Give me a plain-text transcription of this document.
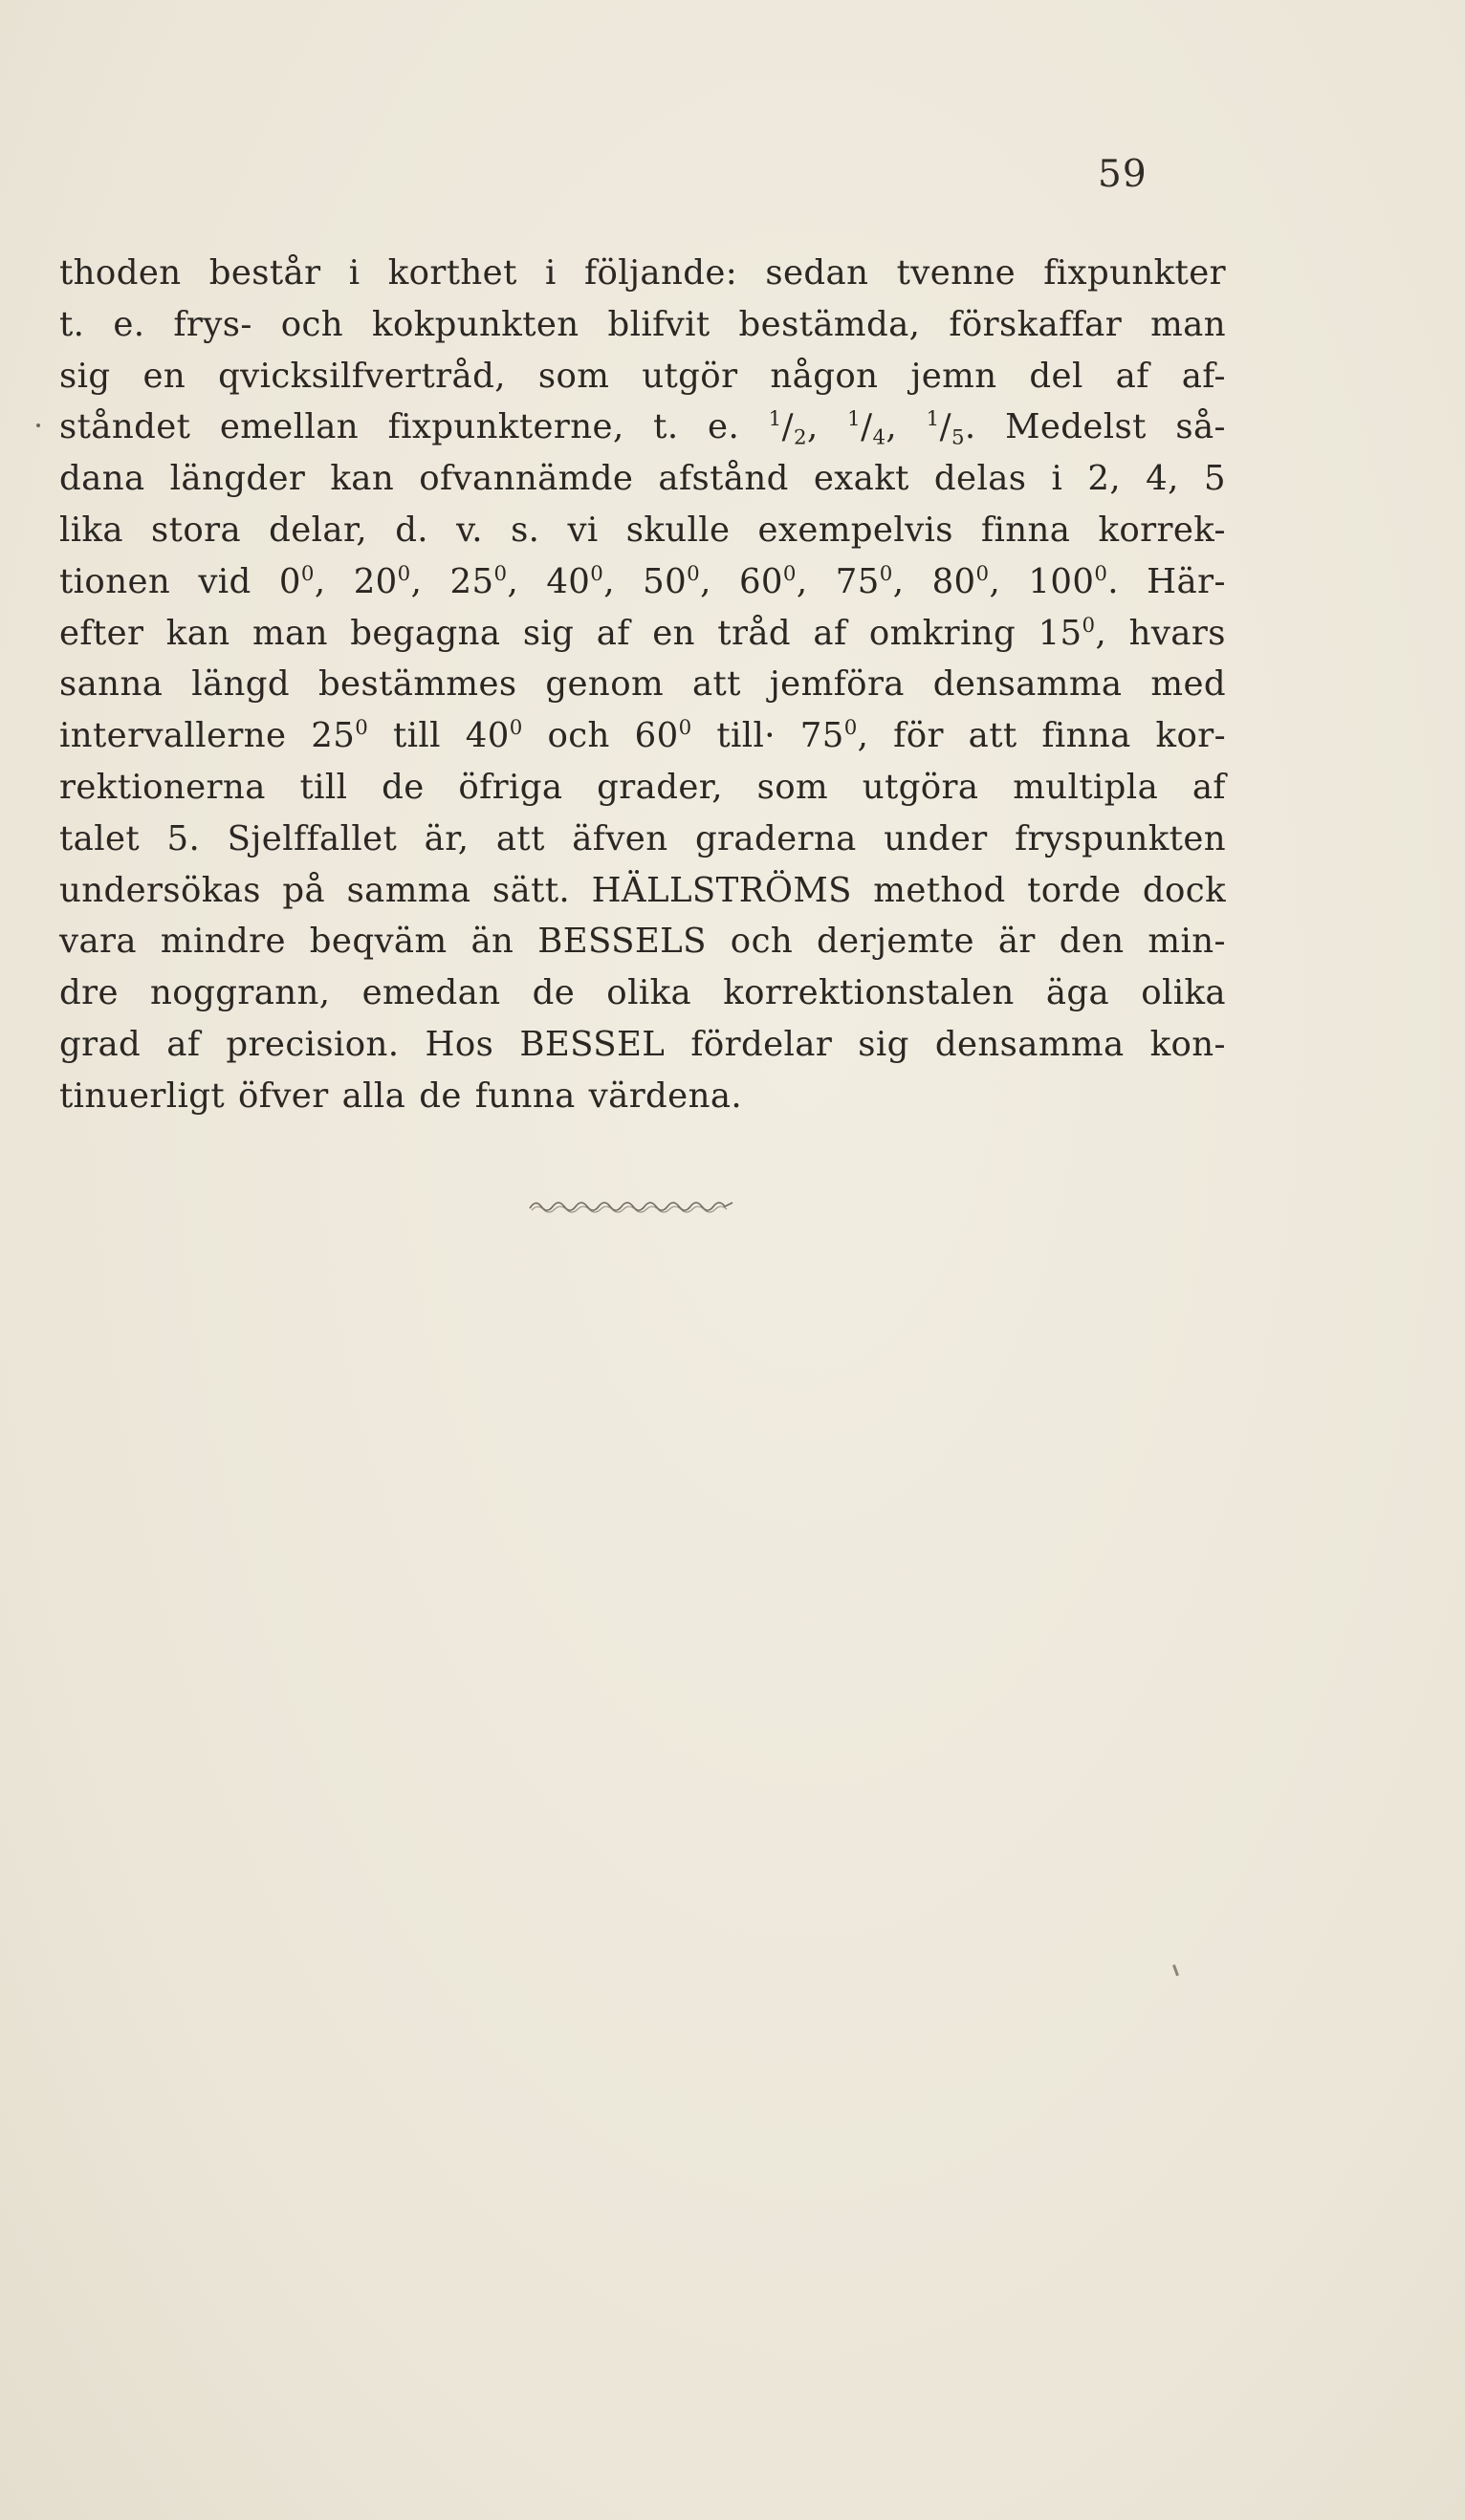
59
thoden består i korthet i följande: sedan tvenne fixpunkter
t. e. frys- och kokpunkten blifvit bestämda, förskaffar man
sig en qvicksilfvertråd, som utgör någon jemn del af af-
ståndet emellan fixpunkterne, t. e. $^1/_2$, $^1/_4$, $^1/_5$. Medelst så-
dana längder kan ofvannämde afstånd exakt delas i 2, 4, 5
lika stora delar, d. v. s. vi skulle exempelvis finna korrek-
tionen vid $0^0$, $20^0$, $25^0$, $40^0$, $50^0$, $60^0$, $75^0$, $80^0$, $100^0$. Här-
efter kan man begagna sig af en tråd af omkring $15^0$, hvars
sanna längd bestämmes genom att jemföra densamma med
intervallerne $25^0$ till $40^0$ och $60^0$ till· $75^0$, för att finna kor-
rektionerna till de öfriga grader, som utgöra multipla af
talet 5. Sjelffallet är, att äfven graderna under fryspunkten
undersökas på samma sätt. HÄLLSTRÖMS method torde dock
vara mindre beqväm än BESSELS och derjemte är den min-
dre noggrann, emedan de olika korrektionstalen äga olika
grad af precision. Hos BESSEL fördelar sig densamma kon-
tinuerligt öfver alla de funna värdena.
